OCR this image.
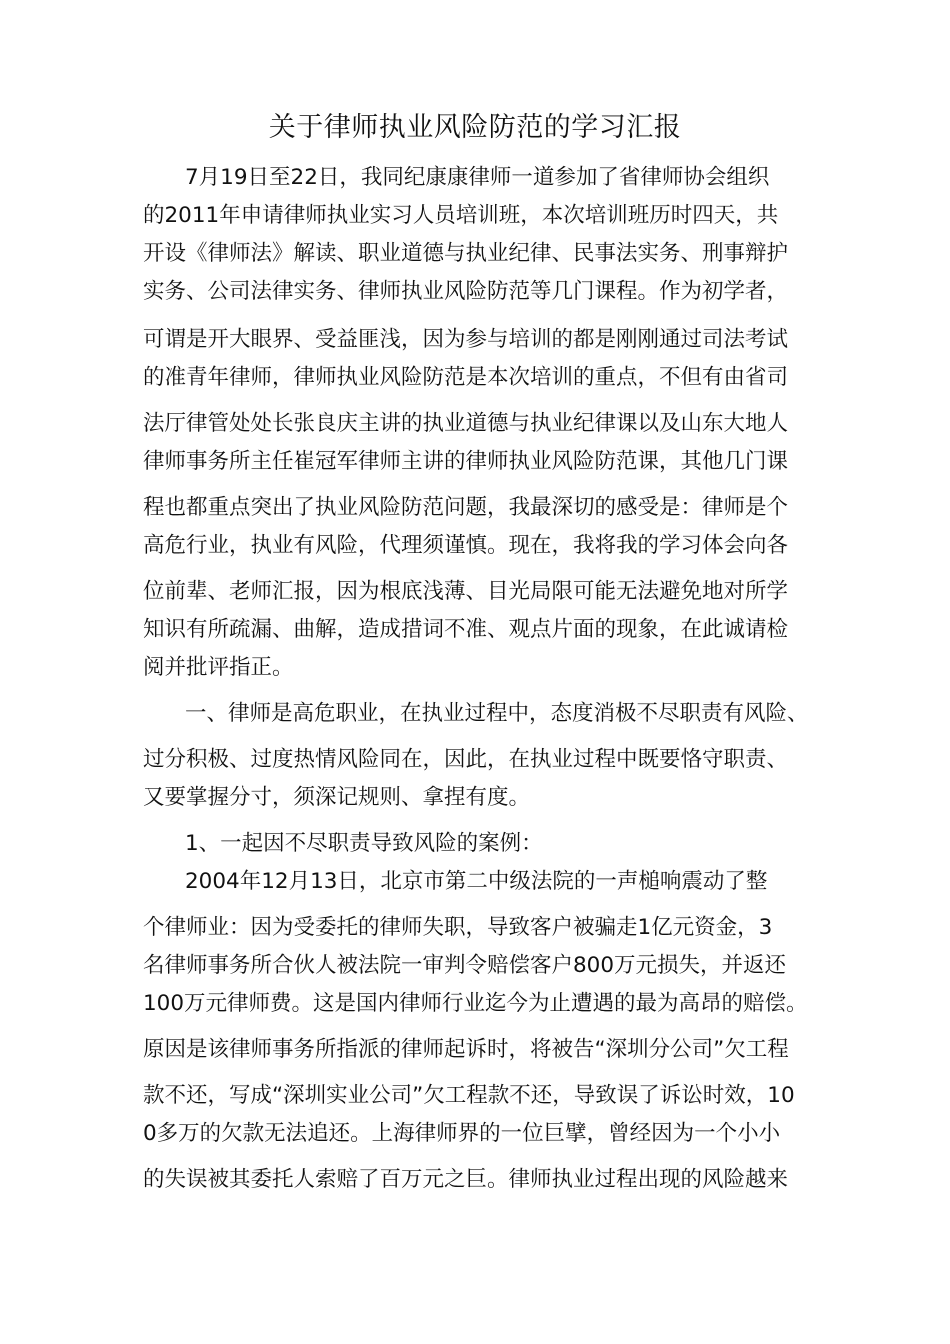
关于律师执业风险防范的学习汇报
7月19日至22日，我同纪康康律师一道参加了省律师协会组织
的2011年申请律师执业实习人员培训班，本次培训班历时四天，共
开设《律师法》解读、职业道德与执业纪律、民事法实务、刑事辩护
实务、公司法律实务、律师执业风险防范等几门课程。作为初学者，
可谓是开大眼界、受益匪浅，因为参与培训的都是刚刚通过司法考试
的准青年律师，律师执业风险防范是本次培训的重点，不但有由省司
法厅律管处处长张良庆主讲的执业道德与执业纪律课以及山东大地人
律师事务所主任崔冠军律师主讲的律师执业风险防范课，其他几门课
程也都重点突出了执业风险防范问题，我最深切的感受是：律师是个
高危行业，执业有风险，代理须谨慎。现在，我将我的学习体会向各
位前辈、老师汇报，因为根底浅薄、目光局限可能无法避免地对所学
知识有所疏漏、曲解，造成措词不准、观点片面的现象，在此诚请检
阅并批评指正。
一、律师是高危职业，在执业过程中，态度消极不尽职责有风险、
过分积极、过度热情风险同在，因此，在执业过程中既要恪守职责、
又要掌握分寸，须深记规则、拿捏有度。
1、一起因不尽职责导致风险的案例：
2004年12月13日，北京市第二中级法院的一声槌响震动了整
个律师业：因为受委托的律师失职，导致客户被骗走1亿元资金，3
名律师事务所合伙人被法院一审判令赔偿客户800万元损失，并返还
100万元律师费。这是国内律师行业迄今为止遭遇的最为高昂的赔偿。
原因是该律师事务所指派的律师起诉时，将被告“深圳分公司”欠工程
款不还，写成“深圳实业公司”欠工程款不还，导致误了诉讼时效，10
0多万的欠款无法追还。上海律师界的一位巨擘，曾经因为一个小小
的失误被其委托人索赔了百万元之巨。律师执业过程出现的风险越来
